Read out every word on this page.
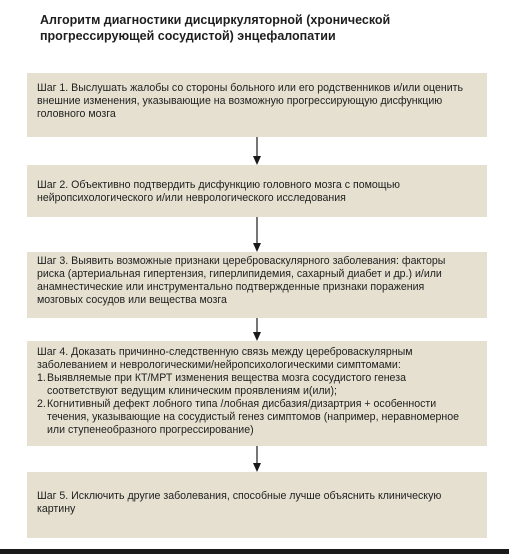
Алгоритм диагностики дисциркуляторной (хронической прогрессирующей сосудистой) энцефалопатии

Шаг 1. Выслушать жалобы со стороны больного или его родственников и/или оценить внешние изменения, указывающие на возможную прогрессирующую дисфункцию головного мозга

Шаг 2. Объективно подтвердить дисфункцию головного мозга с помощью нейропсихологического и/или неврологического исследования

Шаг 3. Выявить возможные признаки цереброваскулярного заболевания: факторы риска (артериальная гипертензия, гиперлипидемия, сахарный диабет и др.) и/или анамнестические или инструментально подтвержденные признаки поражения мозговых сосудов или вещества мозга

Шаг 4. Доказать причинно-следственную связь между цереброваскулярным заболеванием и неврологическими/нейропсихологическими симптомами:

1. Выявляемые при КТ/МРТ изменения вещества мозга сосудистого генеза соответствуют ведущим клиническим проявлениям и(или);
2. Когнитивный дефект лобного типа /лобная дисбазия/дизартрия + особенности течения, указывающие на сосудистый генез симптомов (например, неравномерное или ступенеобразного прогрессирование)

Шаг 5. Исключить другие заболевания, способные лучше объяснить клиническую картину
